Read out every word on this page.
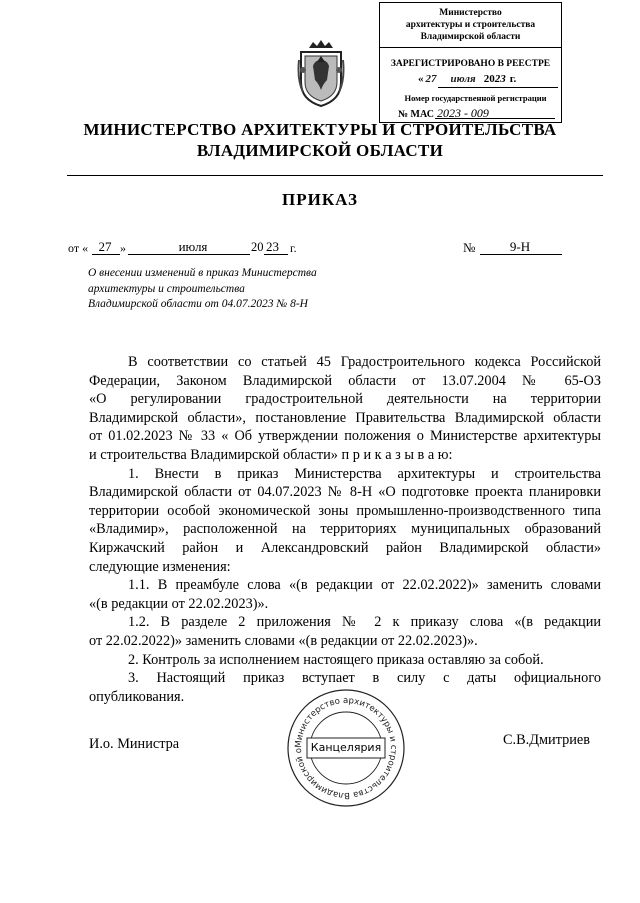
Министерство
архитектуры и строительства
Владимирской области
ЗАРЕГИСТРИРОВАНО В РЕЕСТРЕ
« 27 июля 2023 г.
Номер государственной регистрации
№ МАС 2023 - 009
МИНИСТЕРСТВО АРХИТЕКТУРЫ И СТРОИТЕЛЬСТВА
ВЛАДИМИРСКОЙ ОБЛАСТИ
ПРИКАЗ
от « 27 »	июля	20 23 г.	№	9-Н
О внесении изменений в приказ Министерства
архитектуры и строительства
Владимирской области от 04.07.2023 № 8-Н
В соответствии со статьей 45 Градостроительного кодекса Российской
Федерации, Законом Владимирской области от 13.07.2004 № 65-ОЗ
«О регулировании градостроительной деятельности на территории
Владимирской области», постановление Правительства Владимирской области
от 01.02.2023 № 33 « Об утверждении положения о Министерстве архитектуры
и строительства Владимирской области» п р и к а з ы в а ю:
1. Внести в приказ Министерства архитектуры и строительства
Владимирской области от 04.07.2023 № 8-Н «О подготовке проекта планировки
территории особой экономической зоны промышленно-производственного типа
«Владимир», расположенной на территориях муниципальных образований
Киржачский район и Александровский район Владимирской области»
следующие изменения:
1.1. В преамбуле слова «(в редакции от 22.02.2022)» заменить словами
«(в редакции от 22.02.2023)».
1.2. В разделе 2 приложения № 2 к приказу слова «(в редакции
от 22.02.2022)» заменить словами «(в редакции от 22.02.2023)».
2. Контроль за исполнением настоящего приказа оставляю за собой.
3. Настоящий приказ вступает в силу с даты официального
опубликования.
И.о. Министра	С.В.Дмитриев
Министерство архитектуры и строительства Владимирской о Канцелярия
